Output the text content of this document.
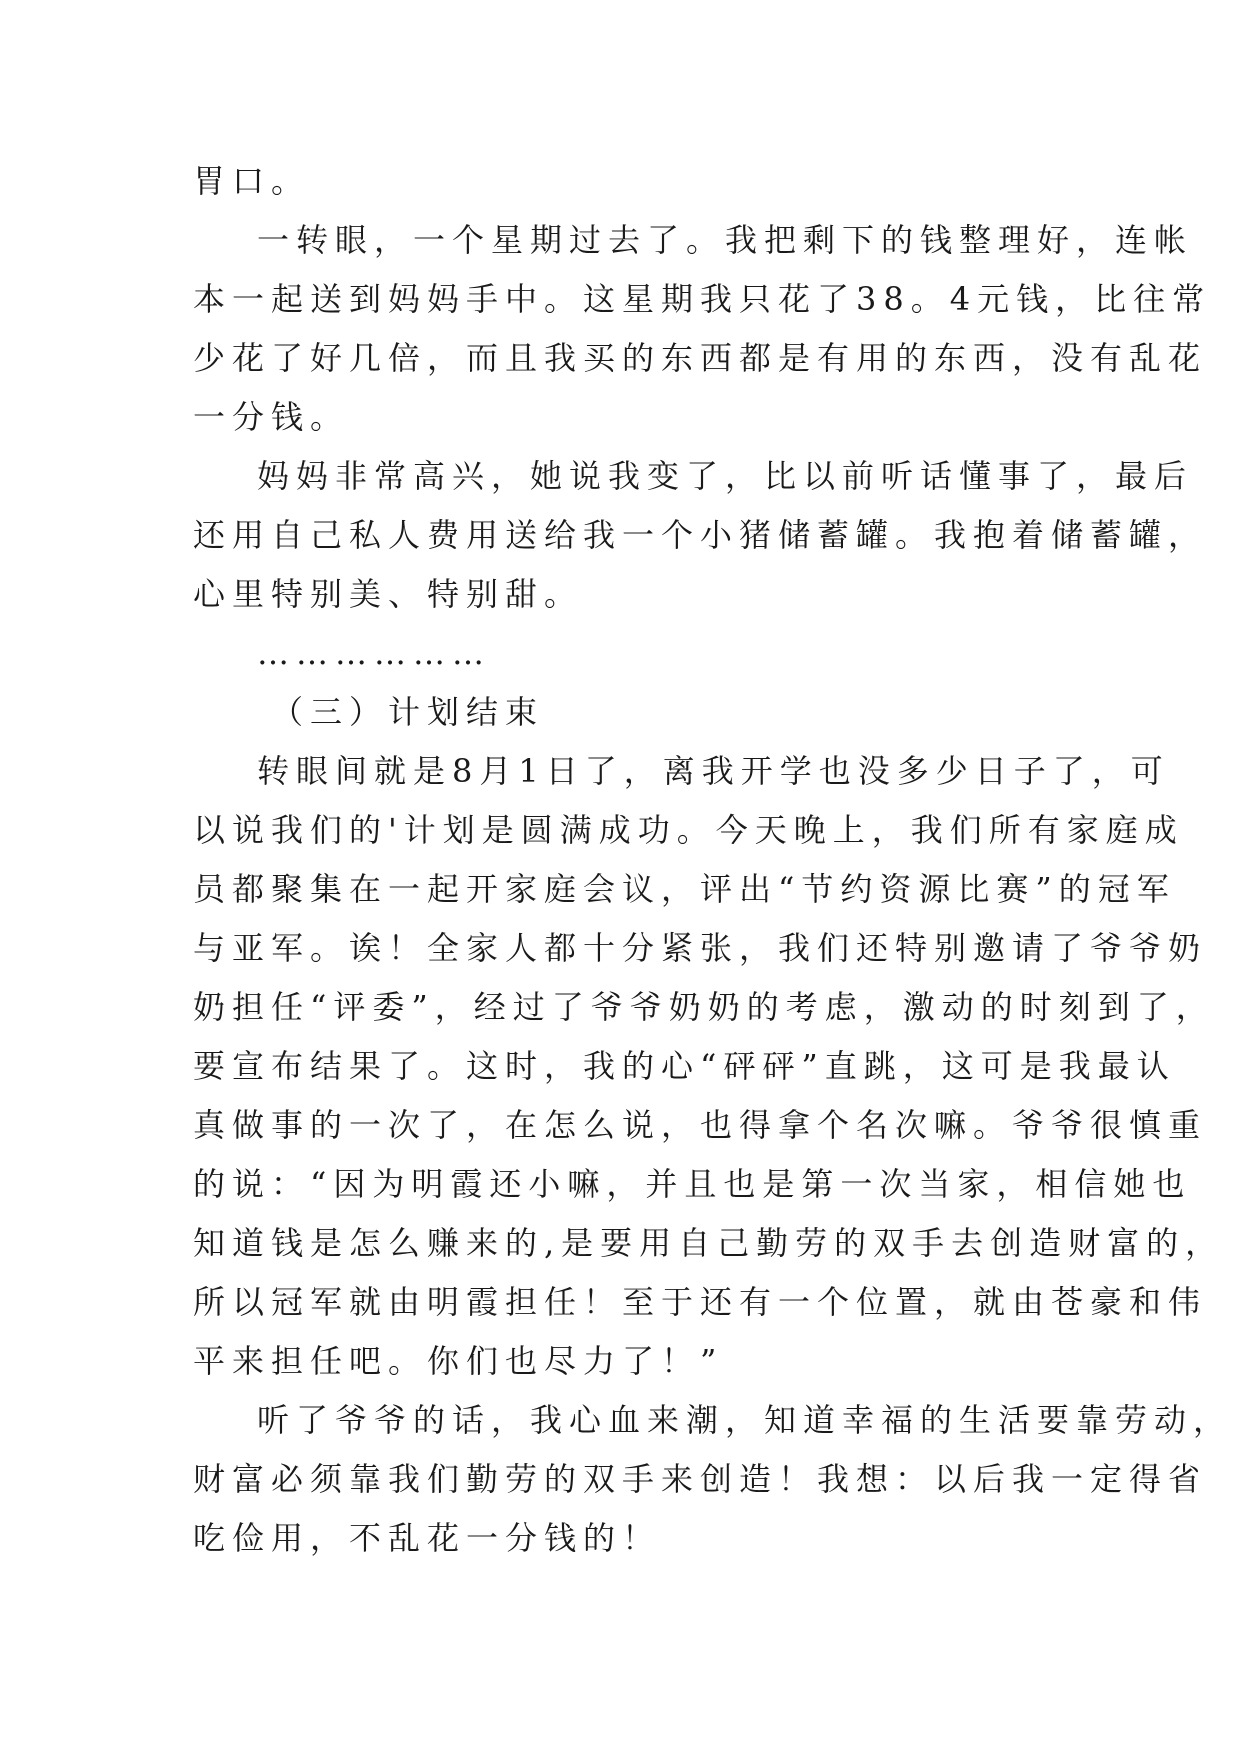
胃口。
一转眼，一个星期过去了。我把剩下的钱整理好，连帐
本一起送到妈妈手中。这星期我只花了38。4元钱，比往常
少花了好几倍，而且我买的东西都是有用的东西，没有乱花
一分钱。
妈妈非常高兴，她说我变了，比以前听话懂事了，最后
还用自己私人费用送给我一个小猪储蓄罐。我抱着储蓄罐，
心里特别美、特别甜。
………………
（三）计划结束
转眼间就是8月1日了，离我开学也没多少日子了，可
以说我们的'计划是圆满成功。今天晚上，我们所有家庭成
员都聚集在一起开家庭会议，评出“节约资源比赛”的冠军
与亚军。诶！全家人都十分紧张，我们还特别邀请了爷爷奶
奶担任“评委”，经过了爷爷奶奶的考虑，激动的时刻到了，
要宣布结果了。这时，我的心“砰砰”直跳，这可是我最认
真做事的一次了，在怎么说，也得拿个名次嘛。爷爷很慎重
的说：“因为明霞还小嘛，并且也是第一次当家，相信她也
知道钱是怎么赚来的,是要用自己勤劳的双手去创造财富的，
所以冠军就由明霞担任！至于还有一个位置，就由苍豪和伟
平来担任吧。你们也尽力了！”
听了爷爷的话，我心血来潮，知道幸福的生活要靠劳动，
财富必须靠我们勤劳的双手来创造！我想：以后我一定得省
吃俭用，不乱花一分钱的！
